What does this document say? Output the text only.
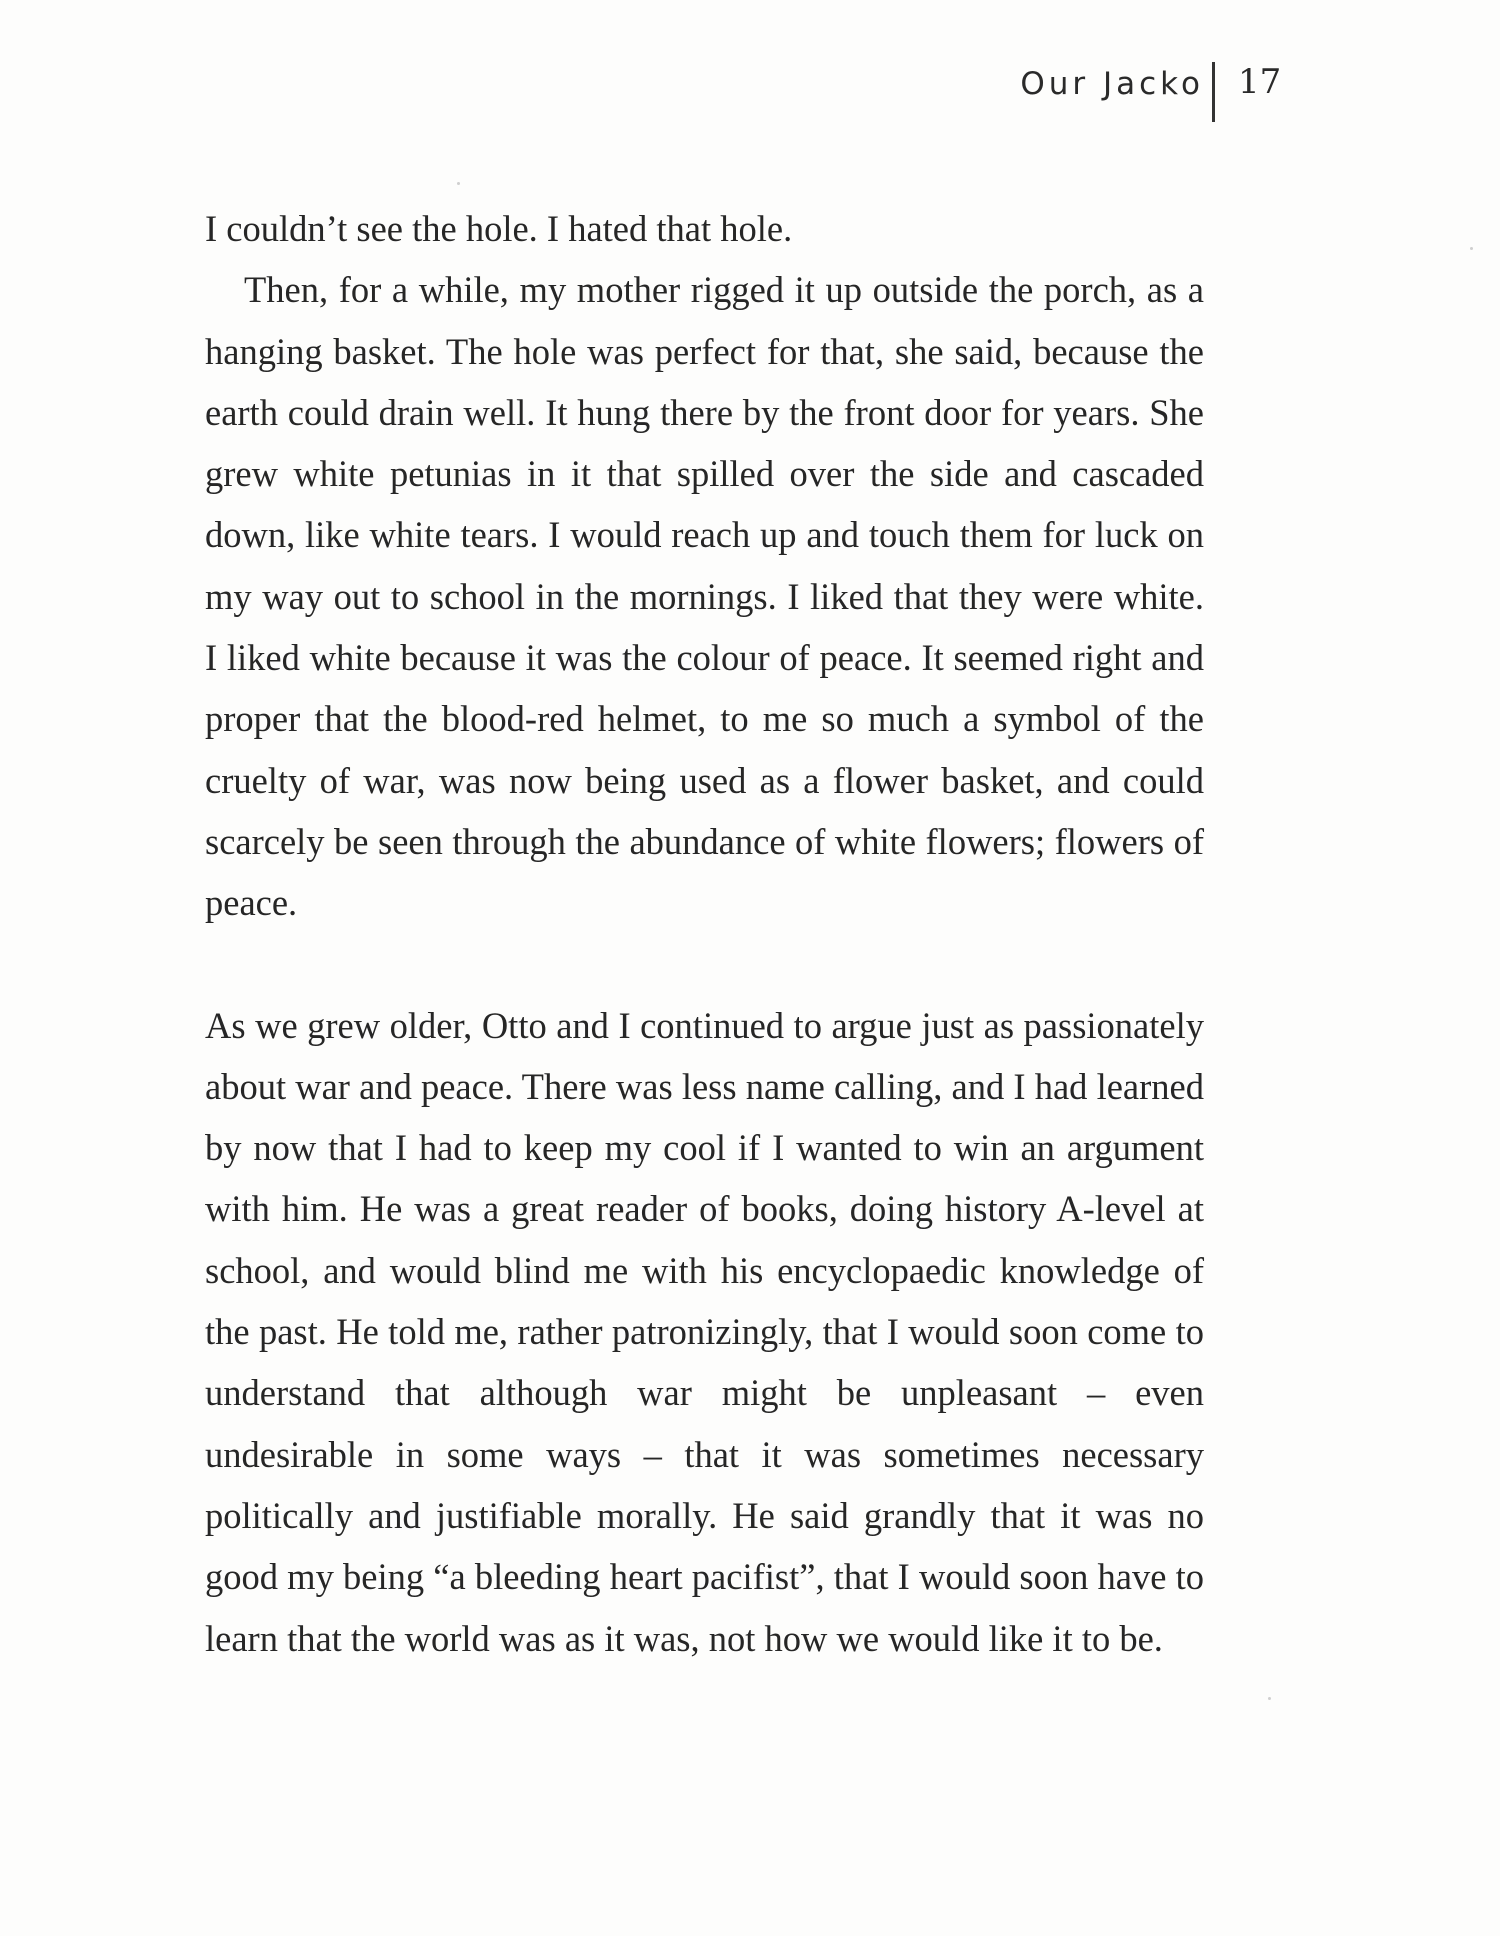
Our Jacko 17

I couldn’t see the hole. I hated that hole.

Then, for a while, my mother rigged it up outside the porch, as a hanging basket. The hole was perfect for that, she said, because the earth could drain well. It hung there by the front door for years. She grew white petunias in it that spilled over the side and cascaded down, like white tears. I would reach up and touch them for luck on my way out to school in the mornings. I liked that they were white. I liked white because it was the colour of peace. It seemed right and proper that the blood-red helmet, to me so much a symbol of the cruelty of war, was now being used as a flower basket, and could scarcely be seen through the abundance of white flowers; flowers of peace.

As we grew older, Otto and I continued to argue just as passionately about war and peace. There was less name calling, and I had learned by now that I had to keep my cool if I wanted to win an argument with him. He was a great reader of books, doing history A-level at school, and would blind me with his encyclopaedic knowledge of the past. He told me, rather patronizingly, that I would soon come to understand that although war might be unpleasant – even undesirable in some ways – that it was sometimes necessary politically and justifiable morally. He said grandly that it was no good my being “a bleeding heart pacifist”, that I would soon have to learn that the world was as it was, not how we would like it to be.
